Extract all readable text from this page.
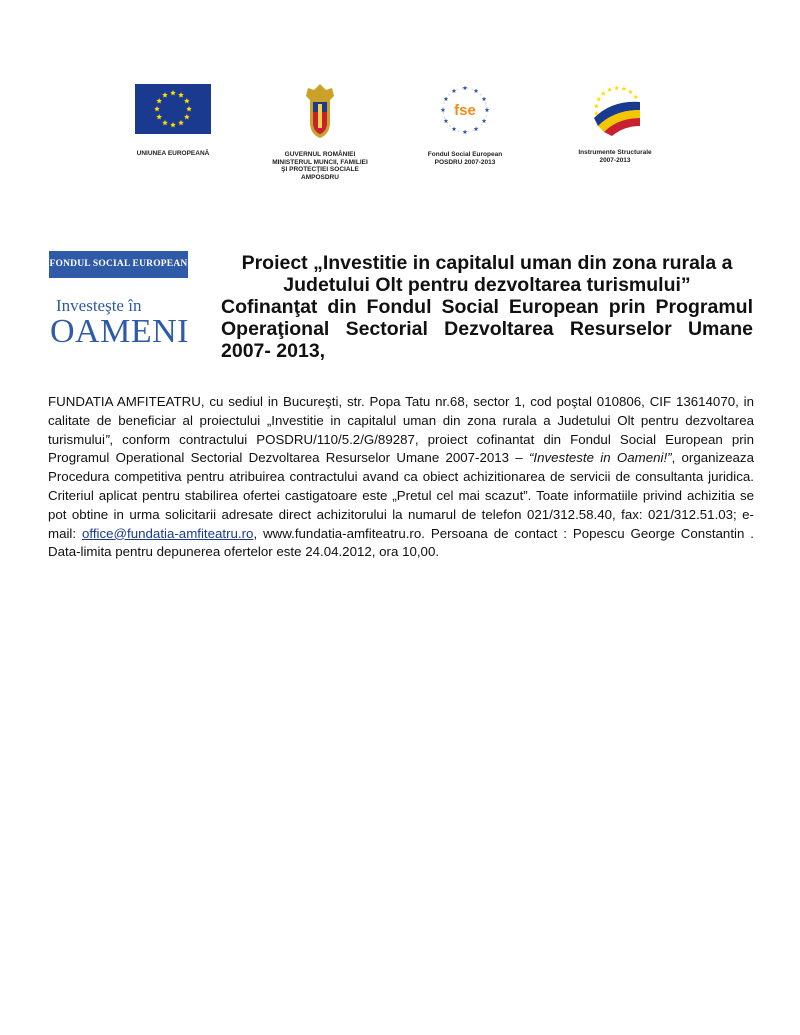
UNIUNEA EUROPEANĂ	GUVERNUL ROMÂNIEI
MINISTERUL MUNCII, FAMILIEI
ŞI PROTECŢIEI SOCIALE
AMPOSDRU
fse
Fondul Social European
POSDRU 2007-2013
Instrumente Structurale
2007-2013
FONDUL SOCIAL EUROPEAN
Investeşte în
OAMENI
Proiect „Investitie in capitalul uman din zona rurala a Judetului Olt pentru dezvoltarea turismului”
Cofinanţat din Fondul Social European prin Programul Operaţional Sectorial Dezvoltarea Resurselor Umane 2007- 2013,
FUNDATIA AMFITEATRU, cu sediul in Bucureşti, str. Popa Tatu nr.68, sector 1, cod poştal 010806, CIF 13614070, in calitate de beneficiar al proiectului „Investitie in capitalul uman din zona rurala a Judetului Olt pentru dezvoltarea turismului”, conform contractului POSDRU/110/5.2/G/89287, proiect cofinantat din Fondul Social European prin Programul Operational Sectorial Dezvoltarea Resurselor Umane 2007-2013 – “Investeste in Oameni!”, organizeaza Procedura competitiva pentru atribuirea contractului avand ca obiect achizitionarea de servicii de consultanta juridica. Criteriul aplicat pentru stabilirea ofertei castigatoare este „Pretul cel mai scazut”. Toate informatiile privind achizitia se pot obtine in urma solicitarii adresate direct achizitorului la numarul de telefon 021/312.58.40, fax: 021/312.51.03; e-mail: office@fundatia-amfiteatru.ro, www.fundatia-amfiteatru.ro. Persoana de contact : Popescu George Constantin . Data-limita pentru depunerea ofertelor este 24.04.2012, ora 10,00.
